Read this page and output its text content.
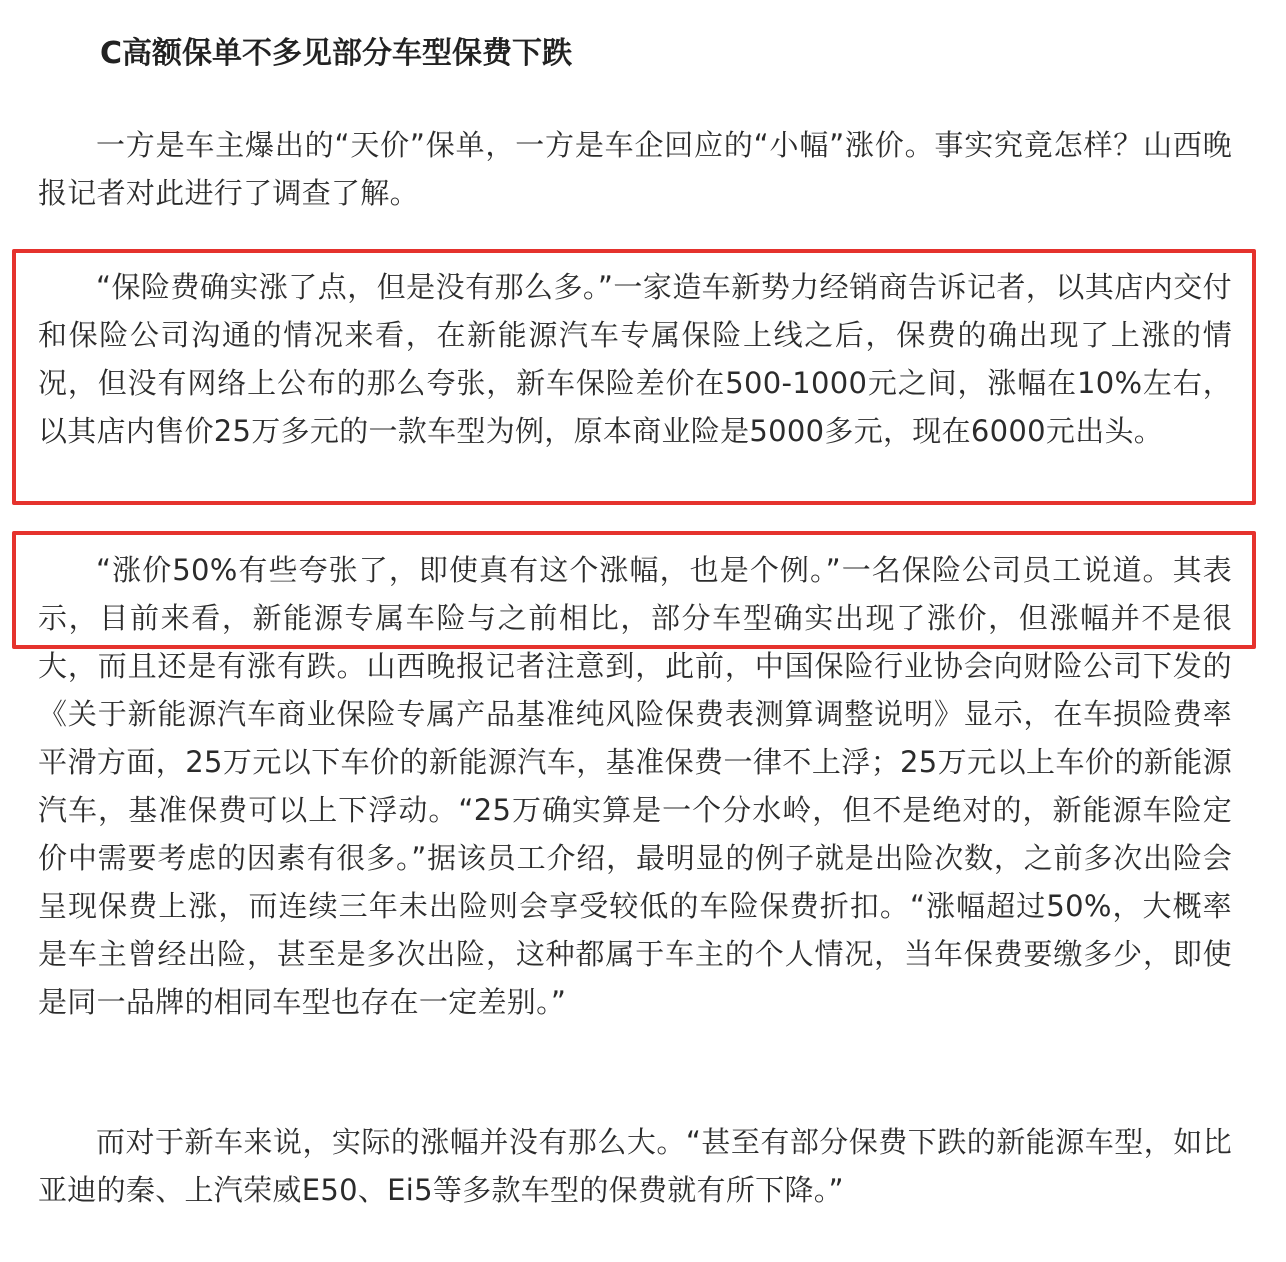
C高额保单不多见部分车型保费下跌

一方是车主爆出的“天价”保单，一方是车企回应的“小幅”涨价。事实究竟怎样？山西晚报记者对此进行了调查了解。

“保险费确实涨了点，但是没有那么多。”一家造车新势力经销商告诉记者，以其店内交付和保险公司沟通的情况来看，在新能源汽车专属保险上线之后，保费的确出现了上涨的情况，但没有网络上公布的那么夸张，新车保险差价在500-1000元之间，涨幅在10%左右，以其店内售价25万多元的一款车型为例，原本商业险是5000多元，现在6000元出头。

“涨价50%有些夸张了，即使真有这个涨幅，也是个例。”一名保险公司员工说道。其表示，目前来看，新能源专属车险与之前相比，部分车型确实出现了涨价，但涨幅并不是很大，而且还是有涨有跌。山西晚报记者注意到，此前，中国保险行业协会向财险公司下发的《关于新能源汽车商业保险专属产品基准纯风险保费表测算调整说明》显示，在车损险费率平滑方面，25万元以下车价的新能源汽车，基准保费一律不上浮；25万元以上车价的新能源汽车，基准保费可以上下浮动。“25万确实算是一个分水岭，但不是绝对的，新能源车险定价中需要考虑的因素有很多。”据该员工介绍，最明显的例子就是出险次数，之前多次出险会呈现保费上涨，而连续三年未出险则会享受较低的车险保费折扣。“涨幅超过50%，大概率是车主曾经出险，甚至是多次出险，这种都属于车主的个人情况，当年保费要缴多少，即使是同一品牌的相同车型也存在一定差别。”

而对于新车来说，实际的涨幅并没有那么大。“甚至有部分保费下跌的新能源车型，如比亚迪的秦、上汽荣威E50、Ei5等多款车型的保费就有所下降。”
